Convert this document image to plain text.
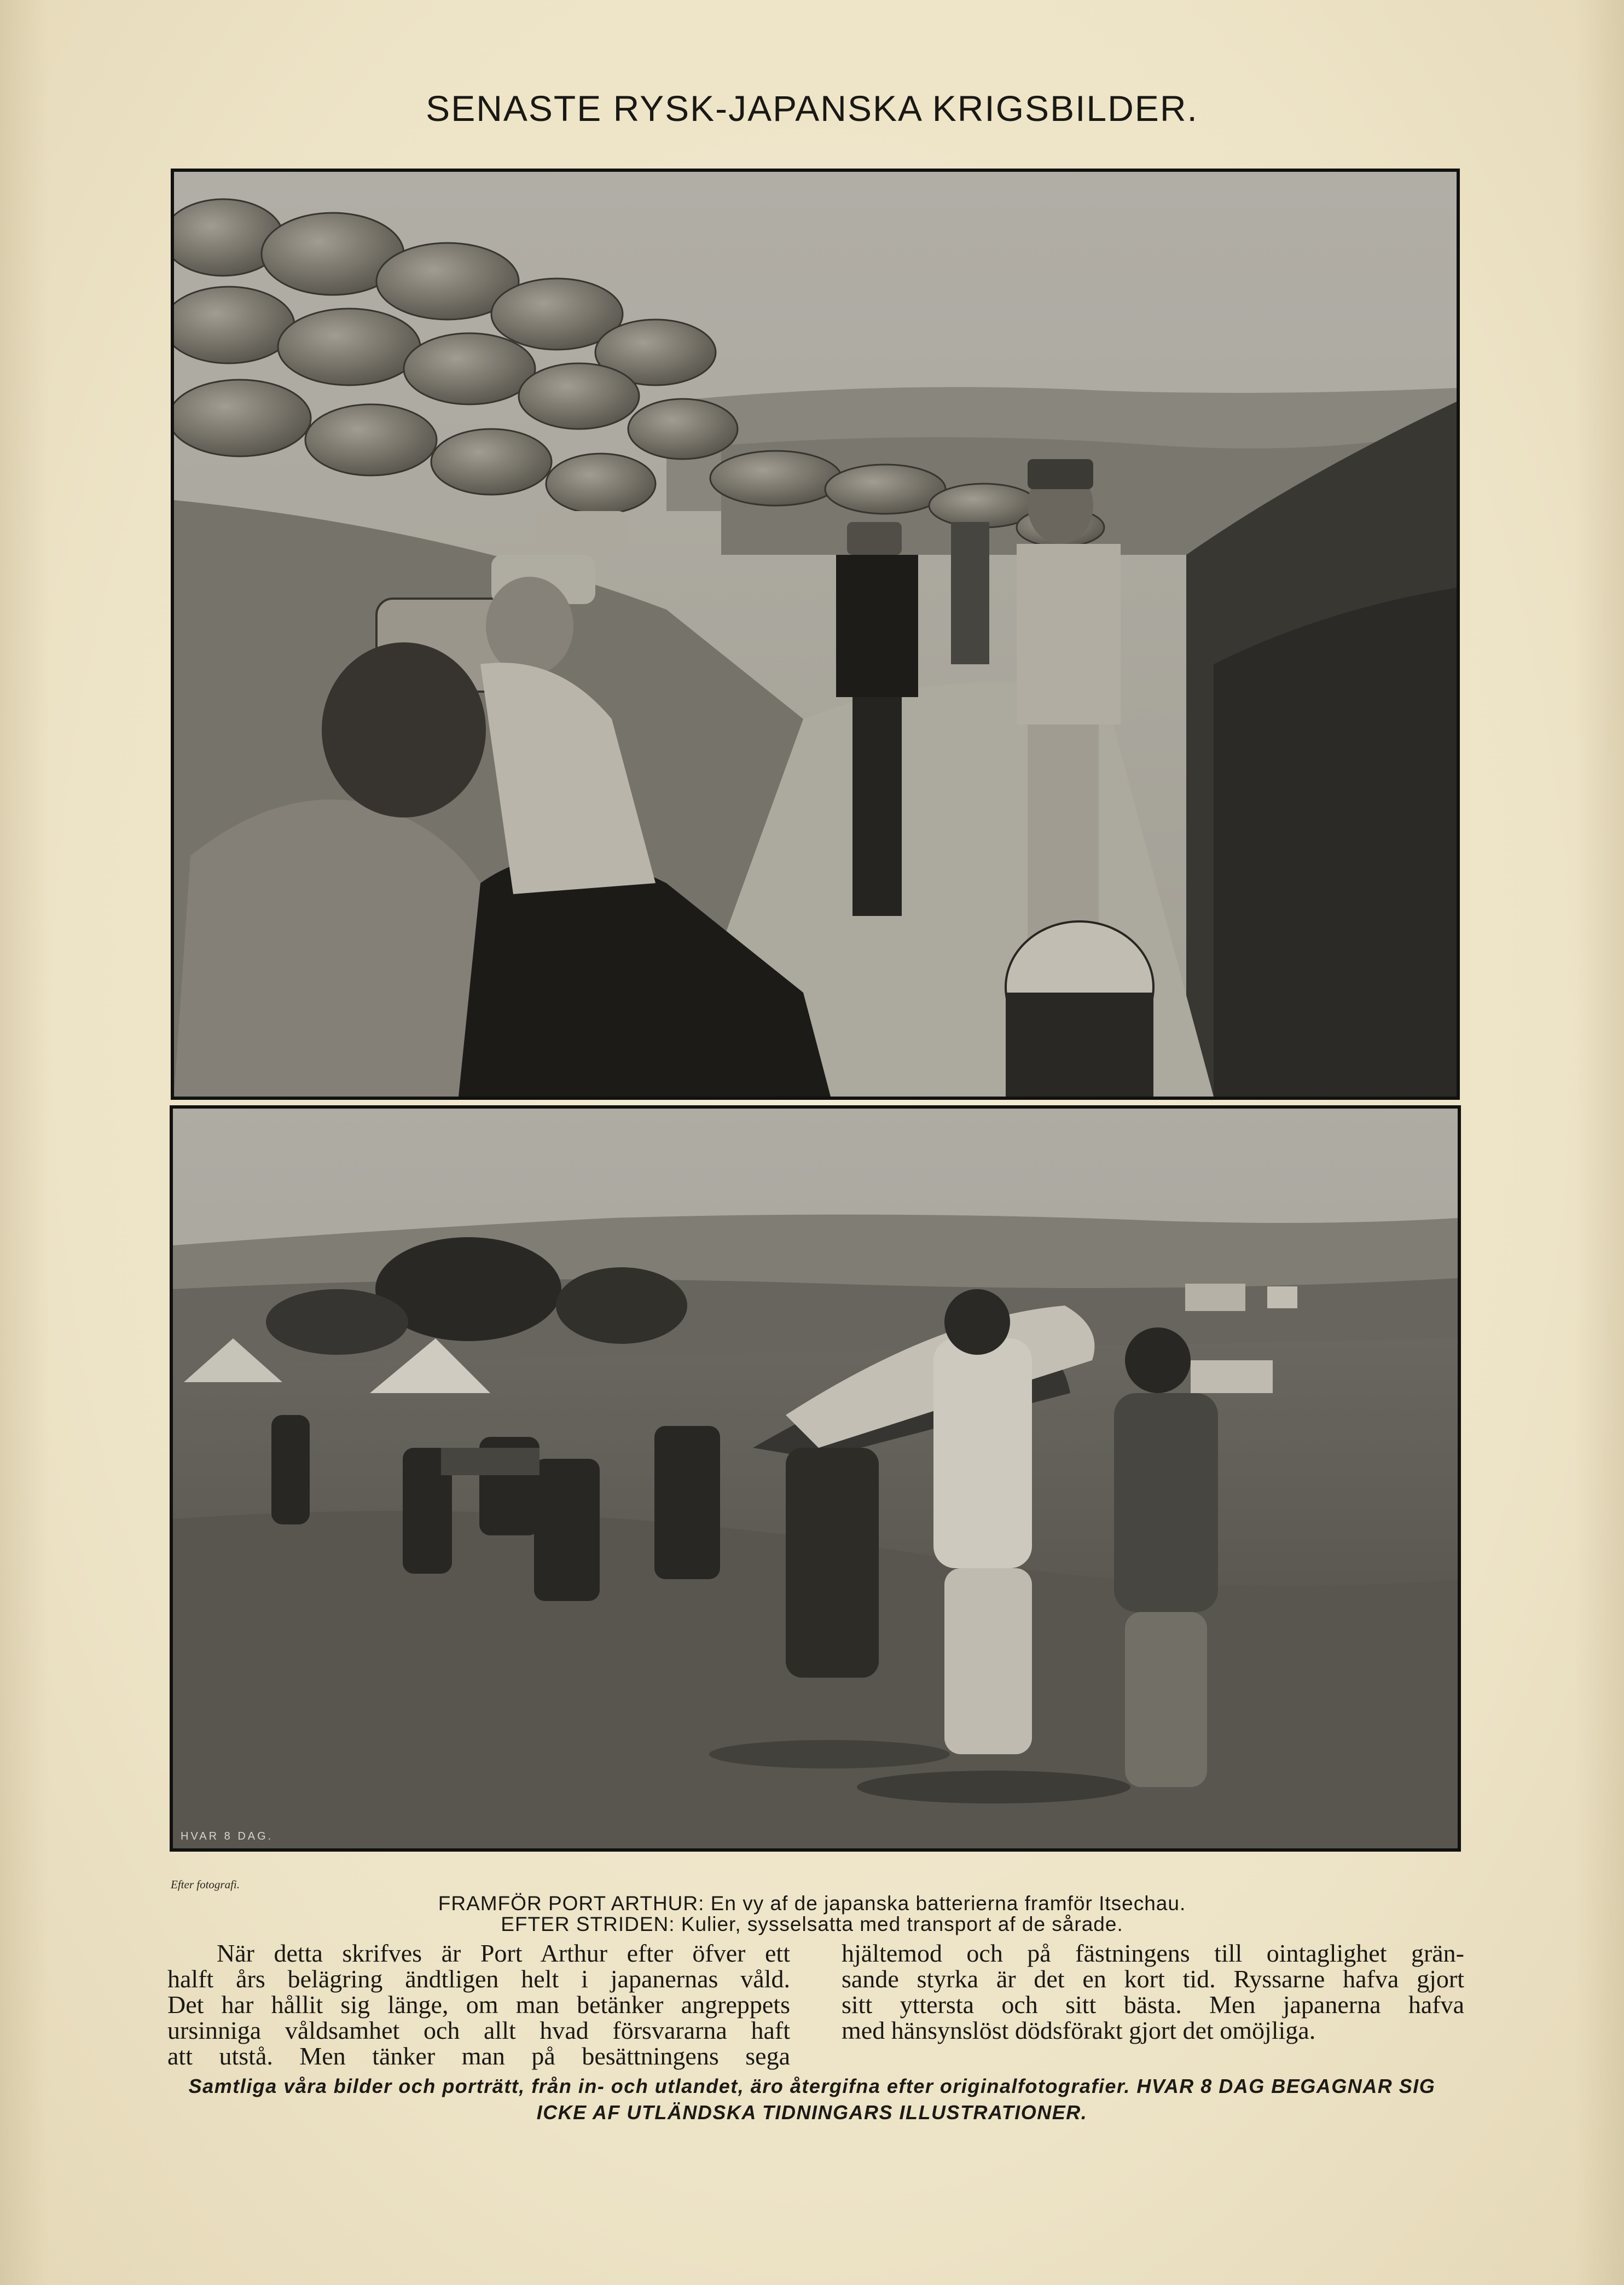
SENASTE RYSK-JAPANSKA KRIGSBILDER.
HVAR 8 DAG.
Efter fotografi.
FRAMFÖR PORT ARTHUR: En vy af de japanska batterierna framför Itsechau.
EFTER STRIDEN: Kulier, sysselsatta med transport af de sårade.
När detta skrifves är Port Arthur efter öfver ett
halft års belägring ändtligen helt i japanernas våld.
Det har hållit sig länge, om man betänker angreppets
ursinniga våldsamhet och allt hvad försvararna haft
att utstå. Men tänker man på besättningens sega
hjältemod och på fästningens till ointaglighet grän-
sande styrka är det en kort tid. Ryssarne hafva gjort
sitt yttersta och sitt bästa. Men japanerna hafva
med hänsynslöst dödsförakt gjort det omöjliga.
Samtliga våra bilder och porträtt, från in- och utlandet, äro återgifna efter originalfotografier. HVAR 8 DAG BEGAGNAR SIG
ICKE AF UTLÄNDSKA TIDNINGARS ILLUSTRATIONER.
